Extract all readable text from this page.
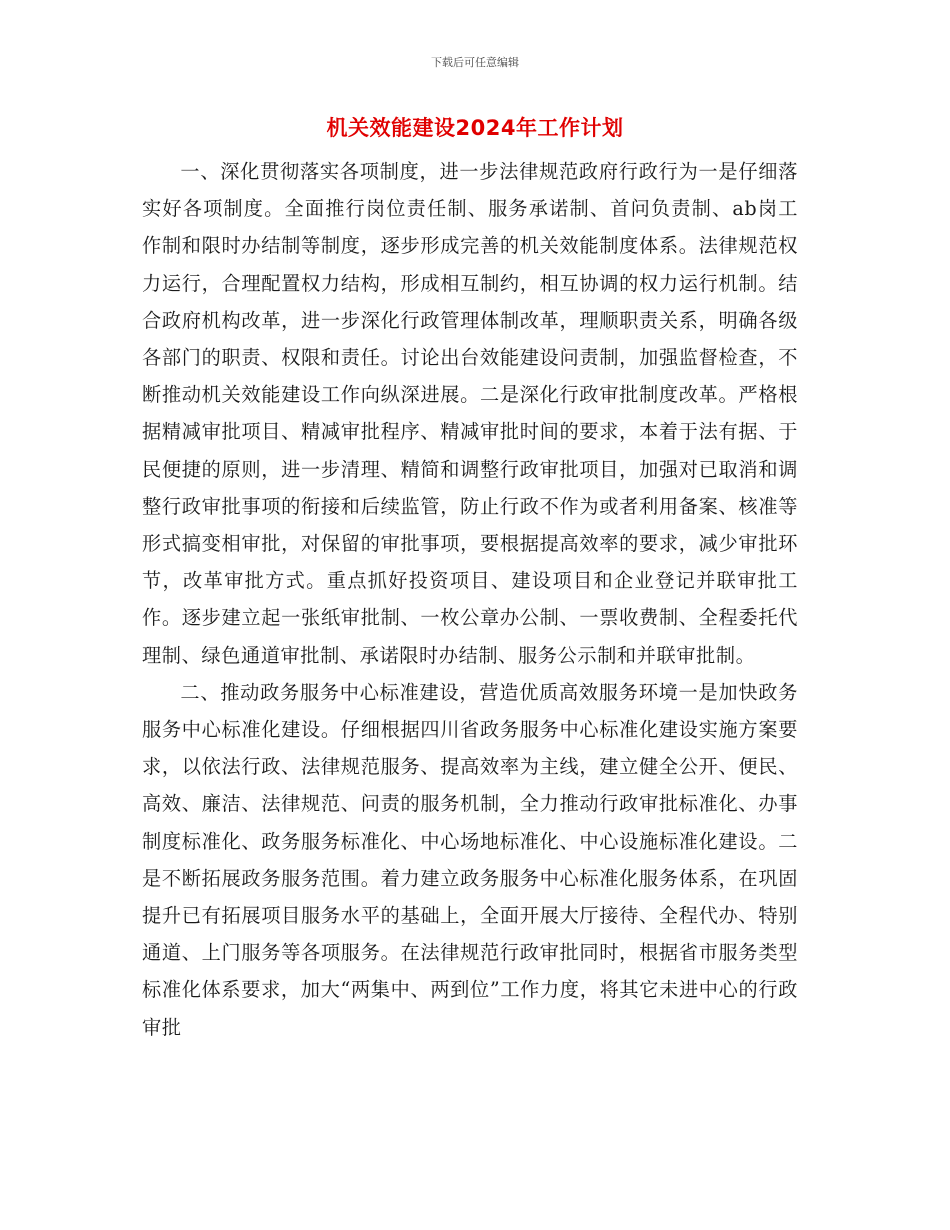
下载后可任意编辑
机关效能建设2024年工作计划

一、深化贯彻落实各项制度，进一步法律规范政府行政行为一是仔细落实好各项制度。全面推行岗位责任制、服务承诺制、首问负责制、ab岗工作制和限时办结制等制度，逐步形成完善的机关效能制度体系。法律规范权力运行，合理配置权力结构，形成相互制约，相互协调的权力运行机制。结合政府机构改革，进一步深化行政管理体制改革，理顺职责关系，明确各级各部门的职责、权限和责任。讨论出台效能建设问责制，加强监督检查，不断推动机关效能建设工作向纵深进展。二是深化行政审批制度改革。严格根据精减审批项目、精减审批程序、精减审批时间的要求，本着于法有据、于民便捷的原则，进一步清理、精简和调整行政审批项目，加强对已取消和调整行政审批事项的衔接和后续监管，防止行政不作为或者利用备案、核准等形式搞变相审批，对保留的审批事项，要根据提高效率的要求，减少审批环节，改革审批方式。重点抓好投资项目、建设项目和企业登记并联审批工作。逐步建立起一张纸审批制、一枚公章办公制、一票收费制、全程委托代理制、绿色通道审批制、承诺限时办结制、服务公示制和并联审批制。

二、推动政务服务中心标准建设，营造优质高效服务环境一是加快政务服务中心标准化建设。仔细根据四川省政务服务中心标准化建设实施方案要求，以依法行政、法律规范服务、提高效率为主线，建立健全公开、便民、高效、廉洁、法律规范、问责的服务机制，全力推动行政审批标准化、办事制度标准化、政务服务标准化、中心场地标准化、中心设施标准化建设。二是不断拓展政务服务范围。着力建立政务服务中心标准化服务体系，在巩固提升已有拓展项目服务水平的基础上，全面开展大厅接待、全程代办、特别通道、上门服务等各项服务。在法律规范行政审批同时，根据省市服务类型标准化体系要求，加大“两集中、两到位”工作力度，将其它未进中心的行政审批
